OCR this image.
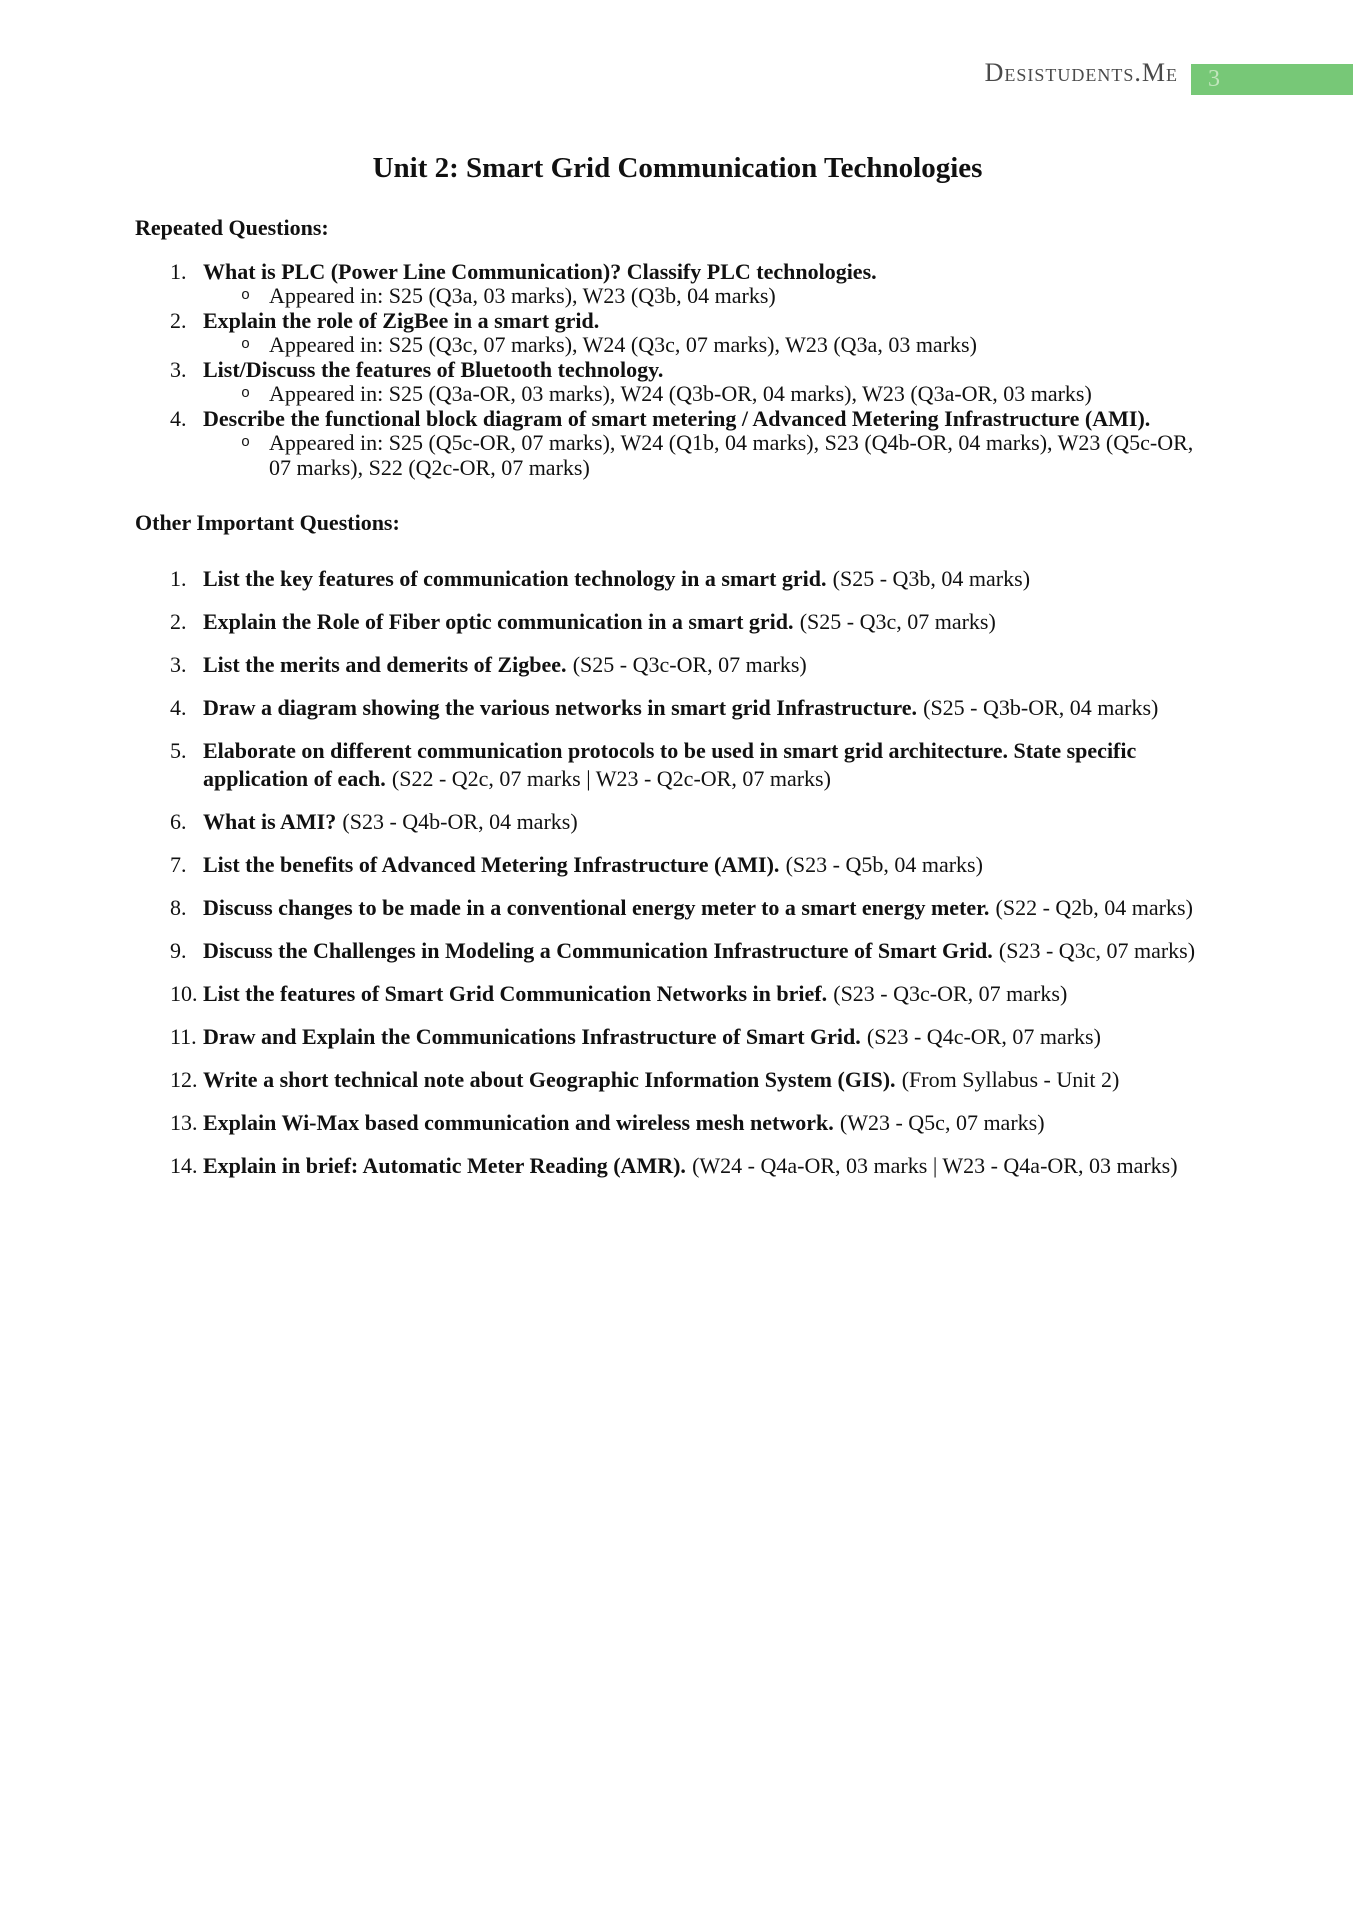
Desistudents.Me	3
Unit 2: Smart Grid Communication Technologies
Repeated Questions:
1. What is PLC (Power Line Communication)? Classify PLC technologies.
o Appeared in: S25 (Q3a, 03 marks), W23 (Q3b, 04 marks)
2. Explain the role of ZigBee in a smart grid.
o Appeared in: S25 (Q3c, 07 marks), W24 (Q3c, 07 marks), W23 (Q3a, 03 marks)
3. List/Discuss the features of Bluetooth technology.
o Appeared in: S25 (Q3a-OR, 03 marks), W24 (Q3b-OR, 04 marks), W23 (Q3a-OR, 03 marks)
4. Describe the functional block diagram of smart metering / Advanced Metering Infrastructure (AMI).
o Appeared in: S25 (Q5c-OR, 07 marks), W24 (Q1b, 04 marks), S23 (Q4b-OR, 04 marks), W23 (Q5c-OR, 07 marks), S22 (Q2c-OR, 07 marks)
Other Important Questions:
1. List the key features of communication technology in a smart grid. (S25 - Q3b, 04 marks)
2. Explain the Role of Fiber optic communication in a smart grid. (S25 - Q3c, 07 marks)
3. List the merits and demerits of Zigbee. (S25 - Q3c-OR, 07 marks)
4. Draw a diagram showing the various networks in smart grid Infrastructure. (S25 - Q3b-OR, 04 marks)
5. Elaborate on different communication protocols to be used in smart grid architecture. State specific application of each. (S22 - Q2c, 07 marks | W23 - Q2c-OR, 07 marks)
6. What is AMI? (S23 - Q4b-OR, 04 marks)
7. List the benefits of Advanced Metering Infrastructure (AMI). (S23 - Q5b, 04 marks)
8. Discuss changes to be made in a conventional energy meter to a smart energy meter. (S22 - Q2b, 04 marks)
9. Discuss the Challenges in Modeling a Communication Infrastructure of Smart Grid. (S23 - Q3c, 07 marks)
10. List the features of Smart Grid Communication Networks in brief. (S23 - Q3c-OR, 07 marks)
11. Draw and Explain the Communications Infrastructure of Smart Grid. (S23 - Q4c-OR, 07 marks)
12. Write a short technical note about Geographic Information System (GIS). (From Syllabus - Unit 2)
13. Explain Wi-Max based communication and wireless mesh network. (W23 - Q5c, 07 marks)
14. Explain in brief: Automatic Meter Reading (AMR). (W24 - Q4a-OR, 03 marks | W23 - Q4a-OR, 03 marks)
